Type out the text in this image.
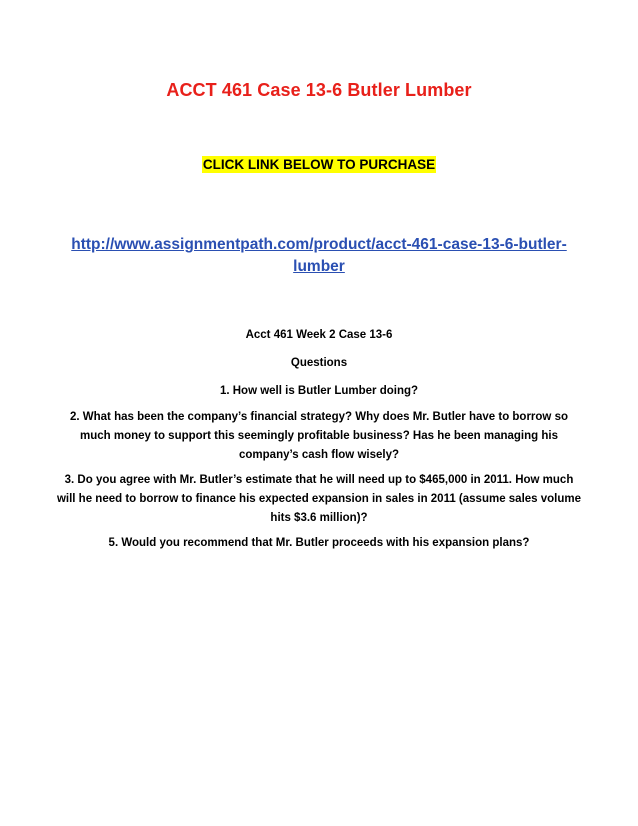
ACCT 461 Case 13-6 Butler Lumber
CLICK LINK BELOW TO PURCHASE
http://www.assignmentpath.com/product/acct-461-case-13-6-butler-lumber
Acct 461 Week 2 Case 13-6
Questions
1. How well is Butler Lumber doing?
2. What has been the company’s financial strategy? Why does Mr. Butler have to borrow so much money to support this seemingly profitable business? Has he been managing his company’s cash flow wisely?
3. Do you agree with Mr. Butler’s estimate that he will need up to $465,000 in 2011. How much will he need to borrow to finance his expected expansion in sales in 2011 (assume sales volume hits $3.6 million)?
5. Would you recommend that Mr. Butler proceeds with his expansion plans?
